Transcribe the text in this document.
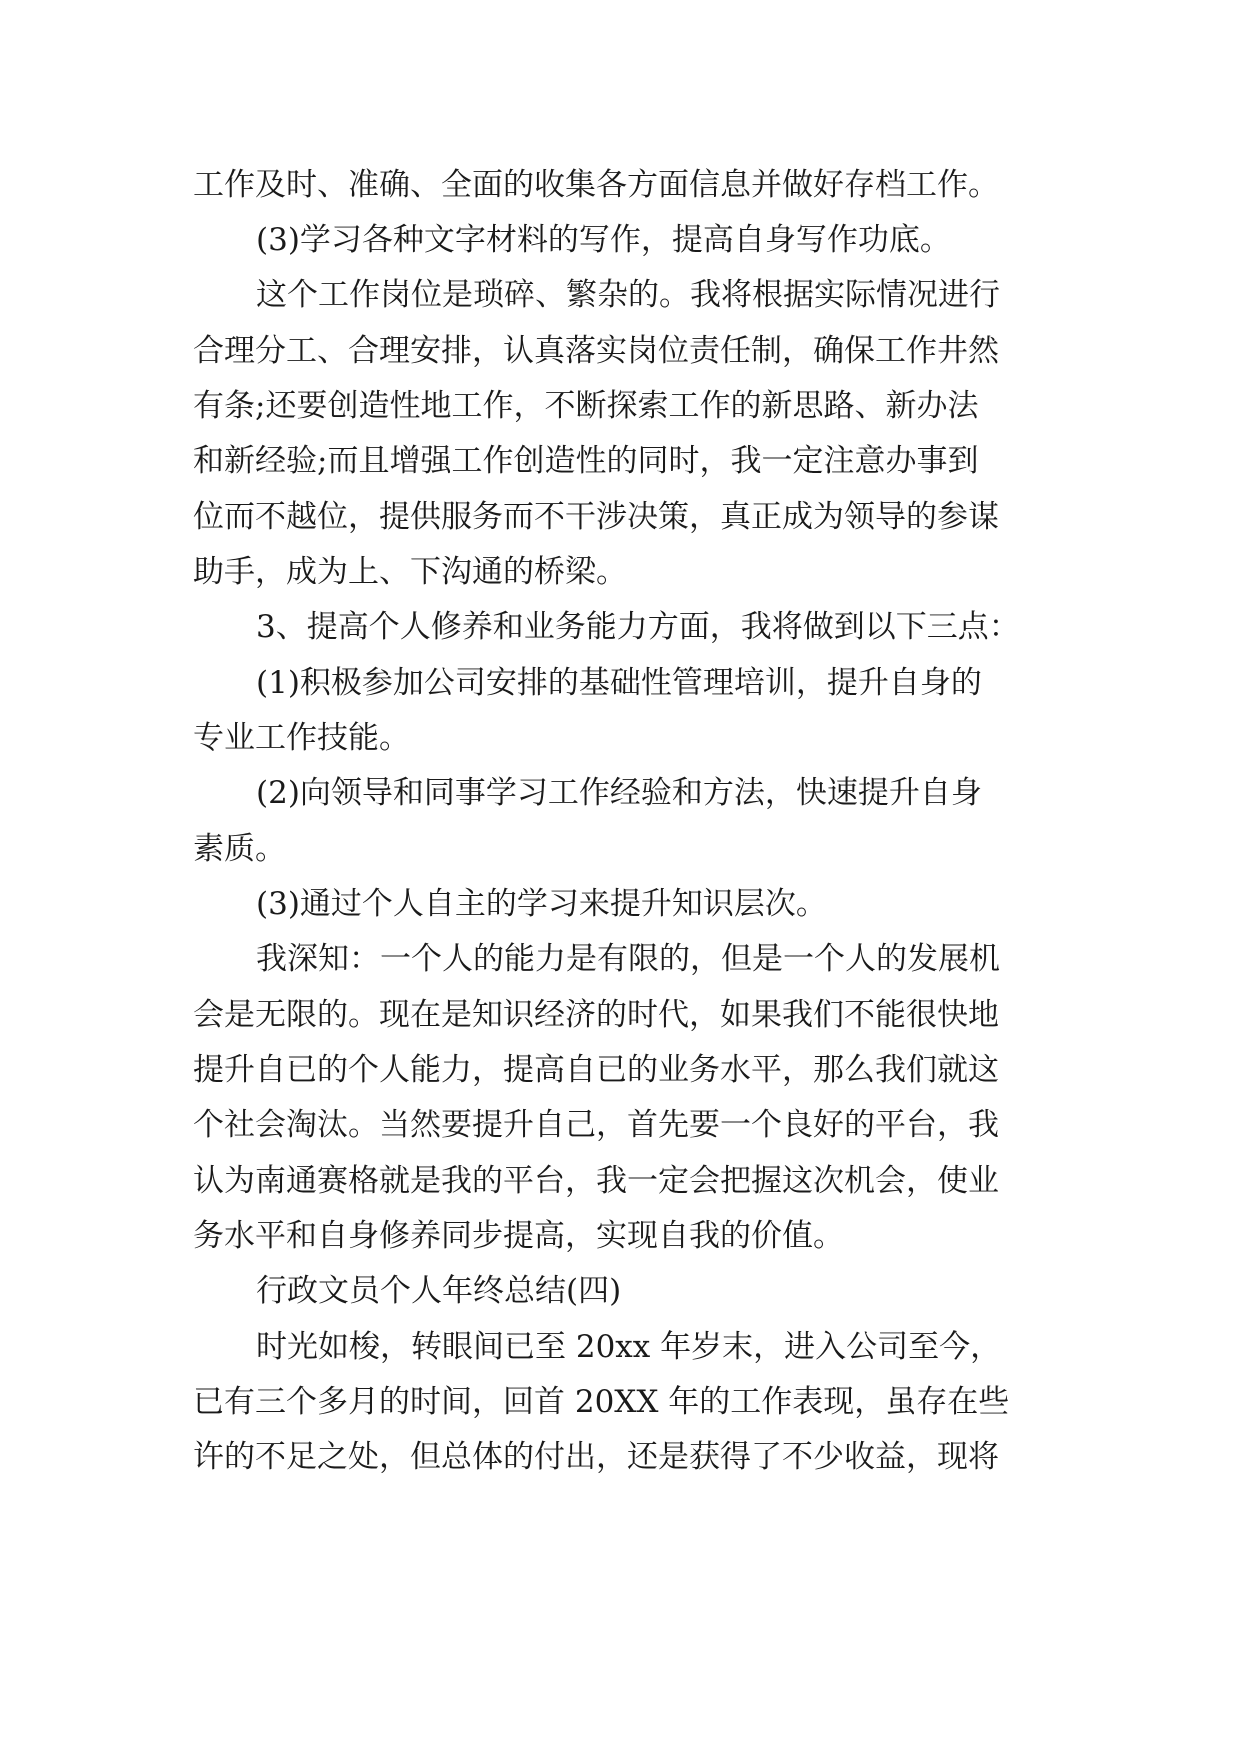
工作及时、准确、全面的收集各方面信息并做好存档工作。
(3)学习各种文字材料的写作，提高自身写作功底。
这个工作岗位是琐碎、繁杂的。我将根据实际情况进行
合理分工、合理安排，认真落实岗位责任制，确保工作井然
有条;还要创造性地工作，不断探索工作的新思路、新办法
和新经验;而且增强工作创造性的同时，我一定注意办事到
位而不越位，提供服务而不干涉决策，真正成为领导的参谋
助手，成为上、下沟通的桥梁。
3、提高个人修养和业务能力方面，我将做到以下三点：
(1)积极参加公司安排的基础性管理培训，提升自身的
专业工作技能。
(2)向领导和同事学习工作经验和方法，快速提升自身
素质。
(3)通过个人自主的学习来提升知识层次。
我深知：一个人的能力是有限的，但是一个人的发展机
会是无限的。现在是知识经济的时代，如果我们不能很快地
提升自已的个人能力，提高自已的业务水平，那么我们就这
个社会淘汰。当然要提升自己，首先要一个良好的平台，我
认为南通赛格就是我的平台，我一定会把握这次机会，使业
务水平和自身修养同步提高，实现自我的价值。
行政文员个人年终总结(四)
时光如梭，转眼间已至 20xx 年岁末，进入公司至今，
已有三个多月的时间，回首 20XX 年的工作表现，虽存在些
许的不足之处，但总体的付出，还是获得了不少收益，现将
